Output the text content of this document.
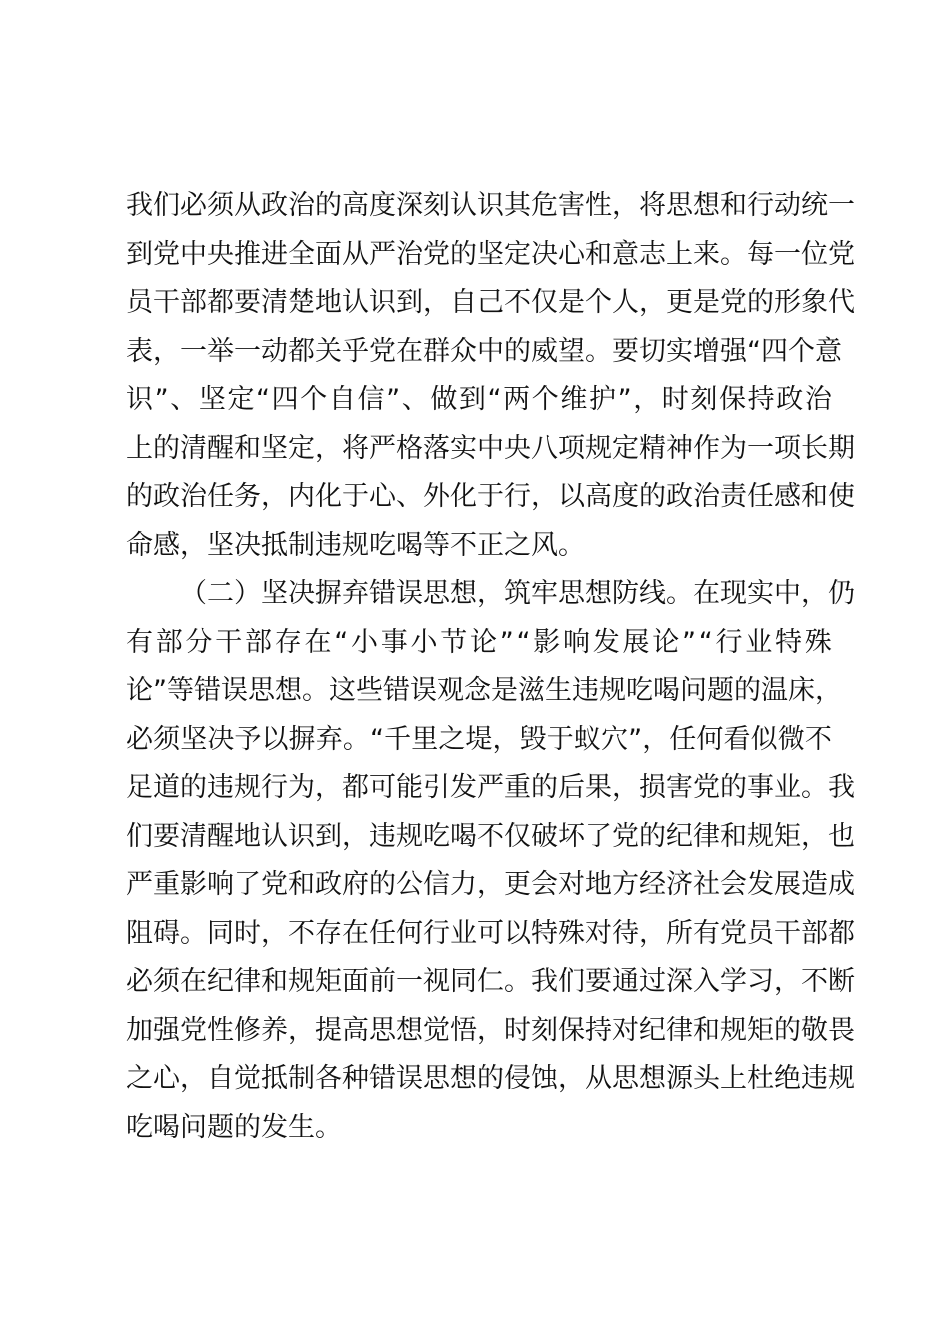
我 们 必 须 从 政 治 的 高 度 深 刻 认 识 其 危 害 性 ， 将 思 想 和 行 动 统 一
到 党 中 央 推 进 全 面 从 严 治 党 的 坚 定 决 心 和 意 志 上 来 。 每 一 位 党
员 干 部 都 要 清 楚 地 认 识 到 ， 自 己 不 仅 是 个 人 ， 更 是 党 的 形 象 代
表 ， 一 举 一 动 都 关 乎 党 在 群 众 中 的 威 望 。 要 切 实 增 强 “ 四 个 意
识 ” 、 坚 定 “ 四 个 自 信 ” 、 做 到 “ 两 个 维 护 ” ， 时 刻 保 持 政 治
上 的 清 醒 和 坚 定 ， 将 严 格 落 实 中 央 八 项 规 定 精 神 作 为 一 项 长 期
的 政 治 任 务 ， 内 化 于 心 、 外 化 于 行 ， 以 高 度 的 政 治 责 任 感 和 使
命感，坚决抵制违规吃喝等不正之风。
（ 二 ） 坚 决 摒 弃 错 误 思 想 ， 筑 牢 思 想 防 线 。 在 现 实 中 ， 仍
有 部 分 干 部 存 在 “ 小 事 小 节 论 ” “ 影 响 发 展 论 ” “ 行 业 特 殊
论 ” 等 错 误 思 想 。 这 些 错 误 观 念 是 滋 生 违 规 吃 喝 问 题 的 温 床 ，
必 须 坚 决 予 以 摒 弃 。 “ 千 里 之 堤 ， 毁 于 蚁 穴 ” ， 任 何 看 似 微 不
足 道 的 违 规 行 为 ， 都 可 能 引 发 严 重 的 后 果 ， 损 害 党 的 事 业 。 我
们 要 清 醒 地 认 识 到 ， 违 规 吃 喝 不 仅 破 坏 了 党 的 纪 律 和 规 矩 ， 也
严 重 影 响 了 党 和 政 府 的 公 信 力 ， 更 会 对 地 方 经 济 社 会 发 展 造 成
阻 碍 。 同 时 ， 不 存 在 任 何 行 业 可 以 特 殊 对 待 ， 所 有 党 员 干 部 都
必 须 在 纪 律 和 规 矩 面 前 一 视 同 仁 。 我 们 要 通 过 深 入 学 习 ， 不 断
加 强 党 性 修 养 ， 提 高 思 想 觉 悟 ， 时 刻 保 持 对 纪 律 和 规 矩 的 敬 畏
之 心 ， 自 觉 抵 制 各 种 错 误 思 想 的 侵 蚀 ， 从 思 想 源 头 上 杜 绝 违 规
吃喝问题的发生。
